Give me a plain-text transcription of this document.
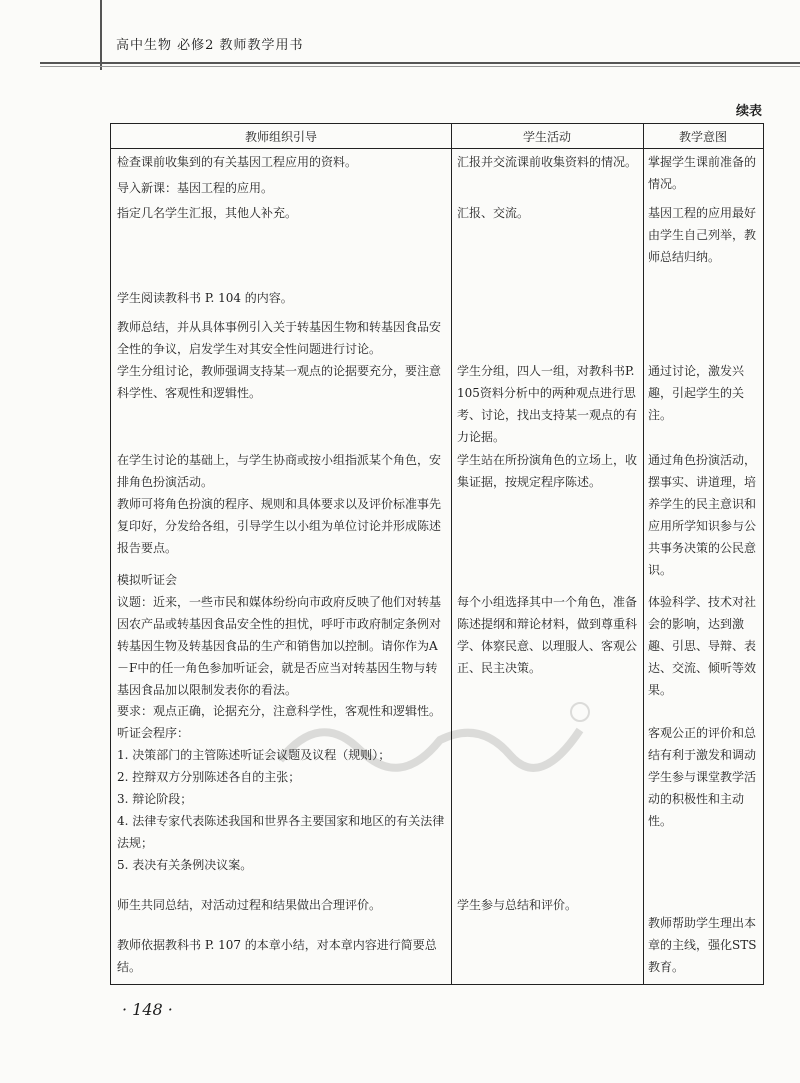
高中生物 必修2 教师教学用书
续表
教师组织引导	学生活动	教学意图
检查课前收集到的有关基因工程应用的资料。
导入新课：基因工程的应用。
指定几名学生汇报，其他人补充。
学生阅读教科书 P. 104 的内容。
教师总结，并从具体事例引入关于转基因生物和转基因食品安全性的争议，启发学生对其安全性问题进行讨论。
学生分组讨论，教师强调支持某一观点的论据要充分，要注意科学性、客观性和逻辑性。
在学生讨论的基础上，与学生协商或按小组指派某个角色，安排角色扮演活动。
教师可将角色扮演的程序、规则和具体要求以及评价标准事先复印好，分发给各组，引导学生以小组为单位讨论并形成陈述报告要点。
模拟听证会
议题：近来，一些市民和媒体纷纷向市政府反映了他们对转基因农产品或转基因食品安全性的担忧，呼吁市政府制定条例对转基因生物及转基因食品的生产和销售加以控制。请你作为A－F中的任一角色参加听证会，就是否应当对转基因生物与转基因食品加以限制发表你的看法。
要求：观点正确，论据充分，注意科学性，客观性和逻辑性。
听证会程序：
1. 决策部门的主管陈述听证会议题及议程（规则）；
2. 控辩双方分别陈述各自的主张；
3. 辩论阶段；
4. 法律专家代表陈述我国和世界各主要国家和地区的有关法律法规；
5. 表决有关条例决议案。
师生共同总结，对活动过程和结果做出合理评价。
教师依据教科书 P. 107 的本章小结，对本章内容进行简要总结。
汇报并交流课前收集资料的情况。
汇报、交流。
学生分组，四人一组，对教科书P. 105资料分析中的两种观点进行思考、讨论，找出支持某一观点的有力论据。
学生站在所扮演角色的立场上，收集证据，按规定程序陈述。
每个小组选择其中一个角色，准备陈述提纲和辩论材料，做到尊重科学、体察民意、以理服人、客观公正、民主决策。
学生参与总结和评价。
掌握学生课前准备的情况。
基因工程的应用最好由学生自己列举，教师总结归纳。
通过讨论，激发兴趣，引起学生的关注。
通过角色扮演活动，摆事实、讲道理，培养学生的民主意识和应用所学知识参与公共事务决策的公民意识。
体验科学、技术对社会的影响，达到激趣、引思、导辩、表达、交流、倾听等效果。
客观公正的评价和总结有利于激发和调动学生参与课堂教学活动的积极性和主动性。
教师帮助学生理出本章的主线，强化STS教育。
· 148 ·
